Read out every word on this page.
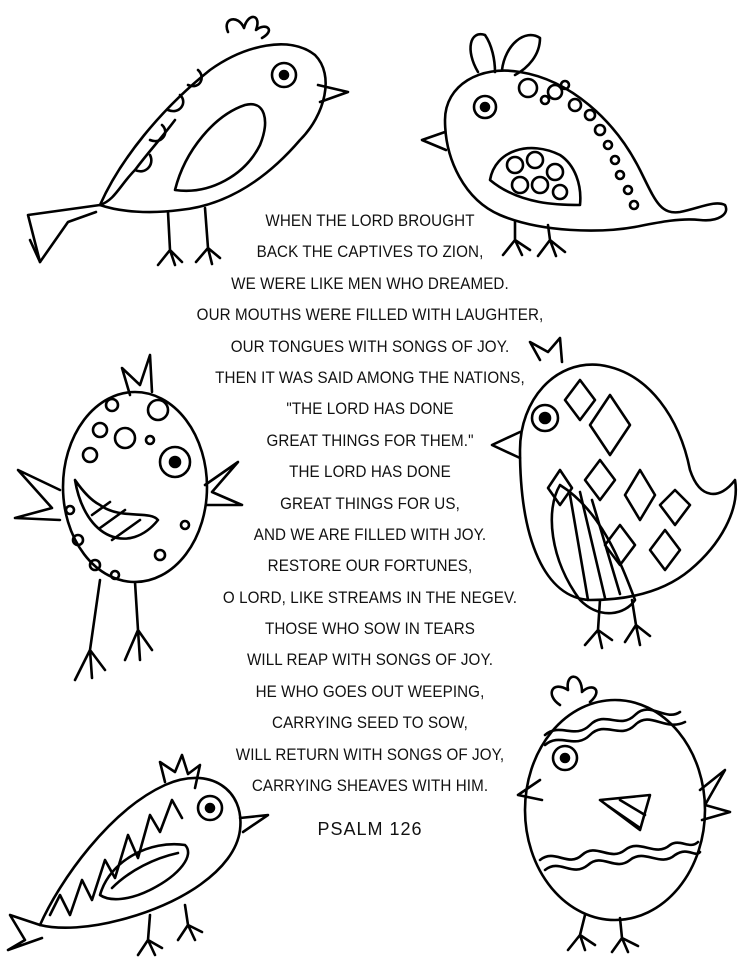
WHEN THE LORD BROUGHT
BACK THE CAPTIVES TO ZION,
WE WERE LIKE MEN WHO DREAMED.
OUR MOUTHS WERE FILLED WITH LAUGHTER,
OUR TONGUES WITH SONGS OF JOY.
THEN IT WAS SAID AMONG THE NATIONS,
"THE LORD HAS DONE
GREAT THINGS FOR THEM."
THE LORD HAS DONE
GREAT THINGS FOR US,
AND WE ARE FILLED WITH JOY.
RESTORE OUR FORTUNES,
O LORD, LIKE STREAMS IN THE NEGEV.
THOSE WHO SOW IN TEARS
WILL REAP WITH SONGS OF JOY.
HE WHO GOES OUT WEEPING,
CARRYING SEED TO SOW,
WILL RETURN WITH SONGS OF JOY,
CARRYING SHEAVES WITH HIM.
PSALM 126
